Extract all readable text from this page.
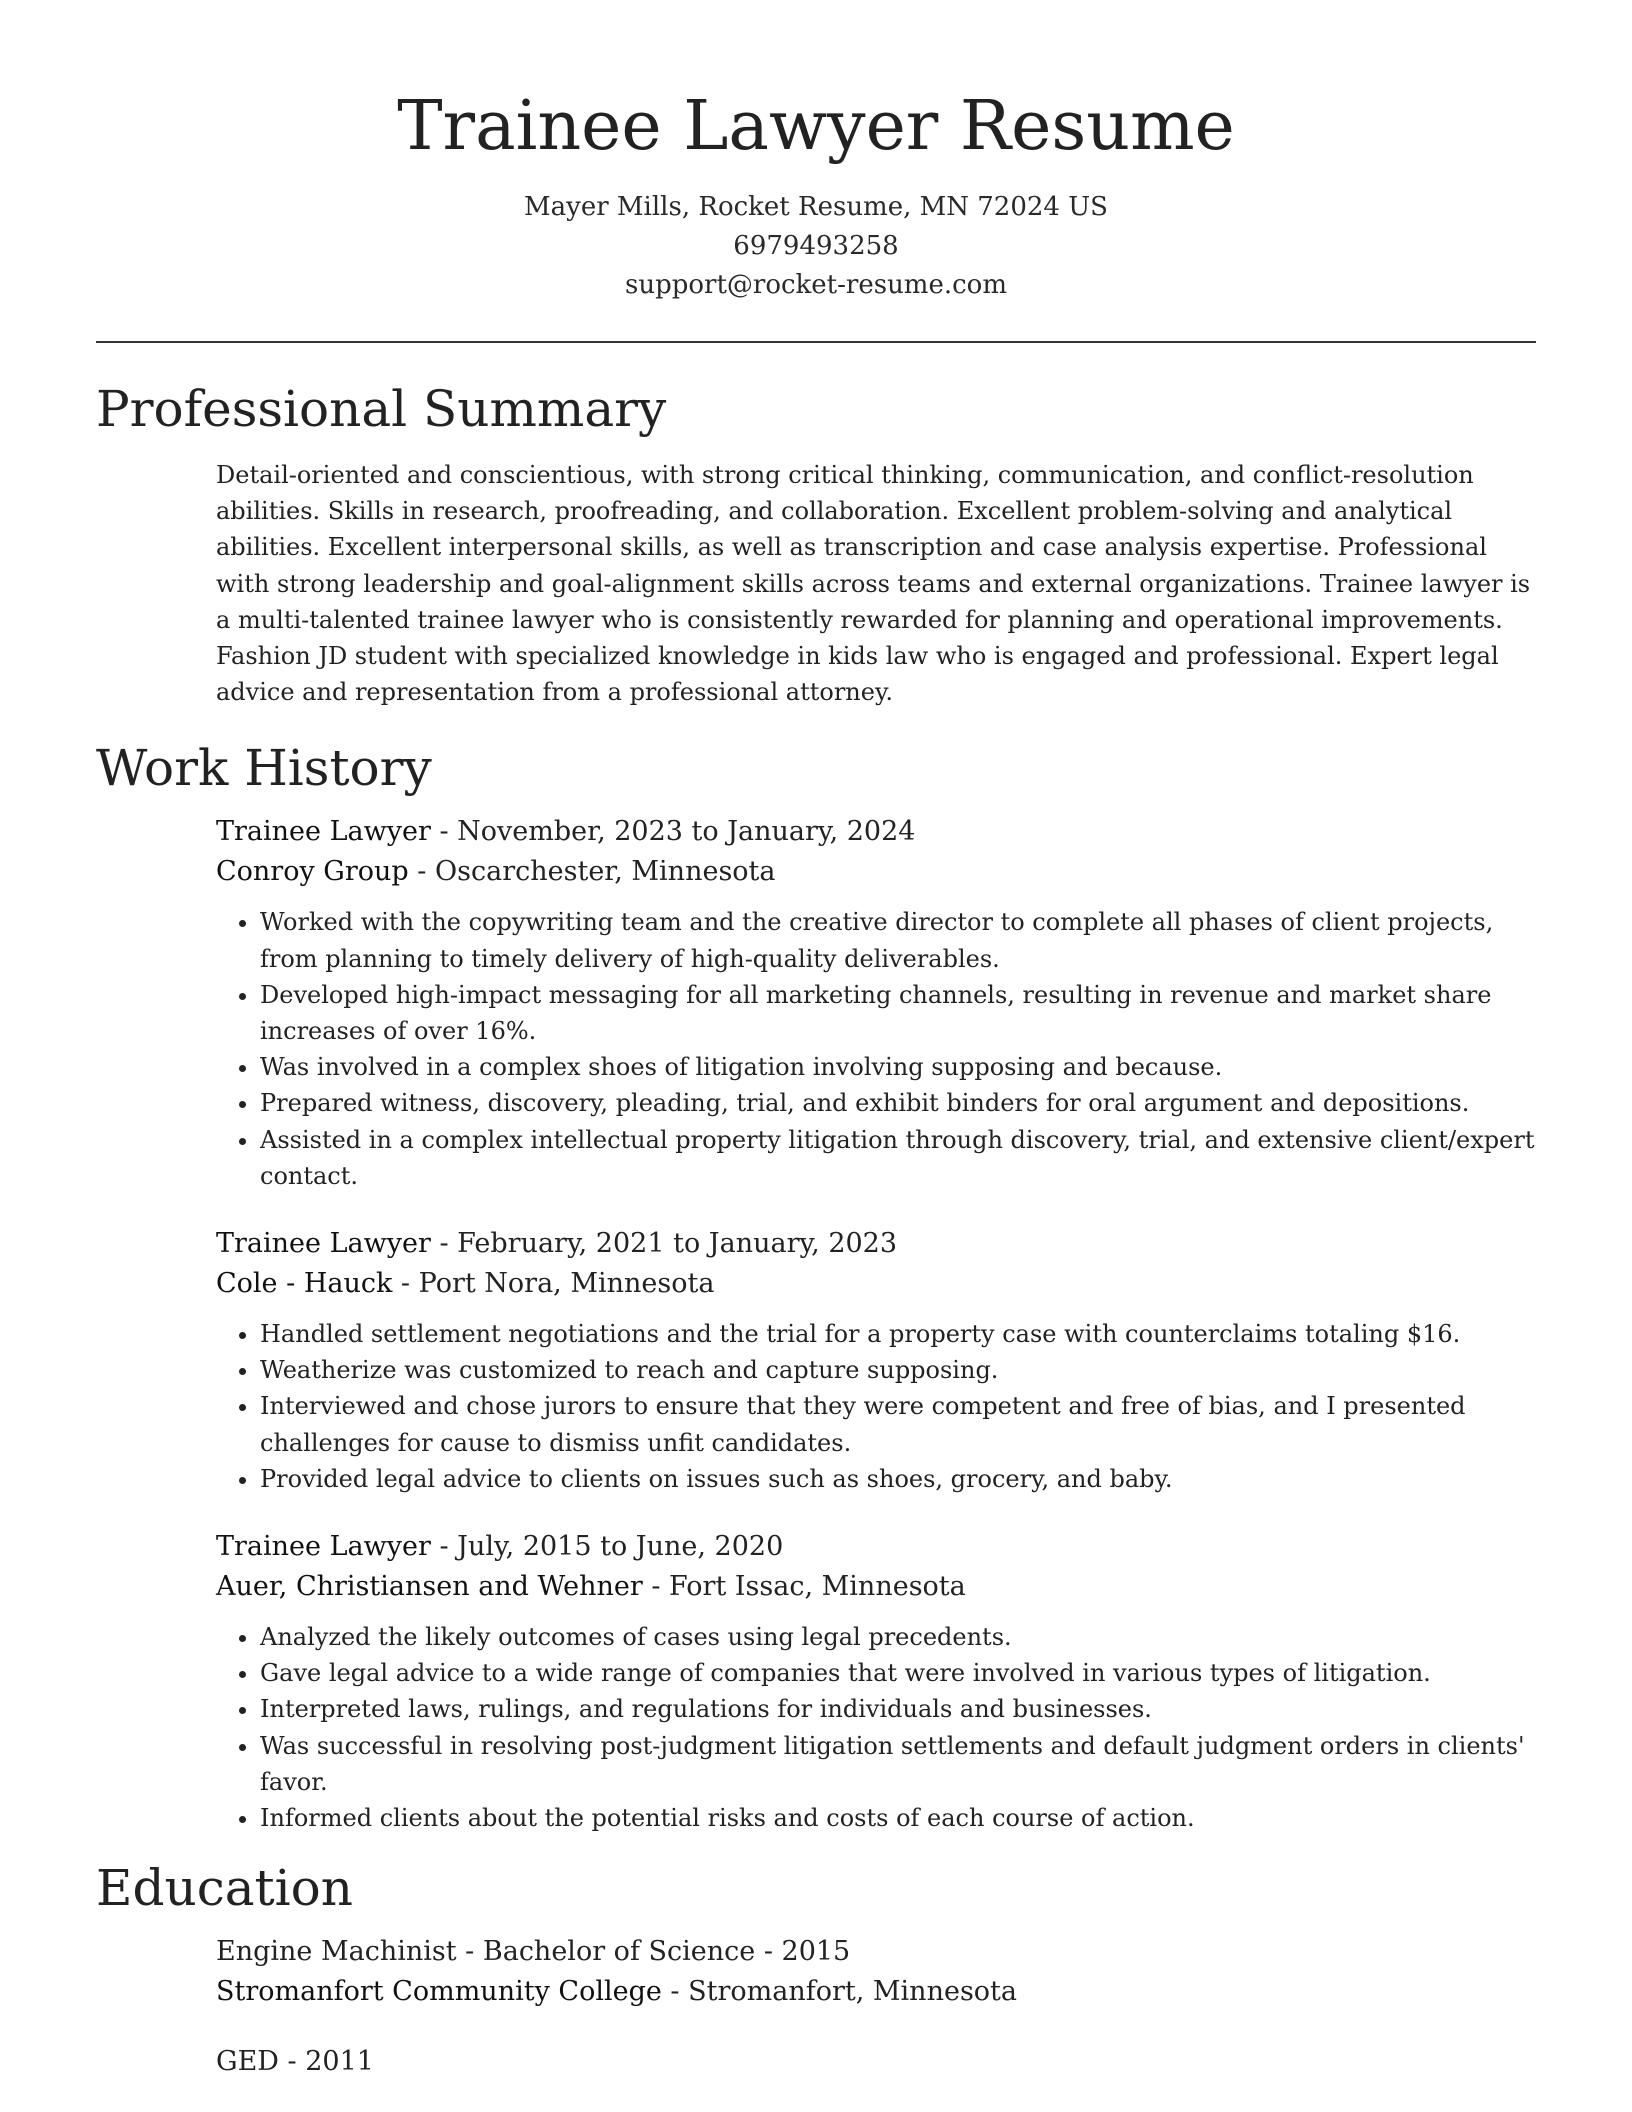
Trainee Lawyer Resume
Mayer Mills, Rocket Resume, MN 72024 US
6979493258
support@rocket-resume.com
Professional Summary

Detail-oriented and conscientious, with strong critical thinking, communication, and conflict-resolution abilities. Skills in research, proofreading, and collaboration. Excellent problem-solving and analytical abilities. Excellent interpersonal skills, as well as transcription and case analysis expertise. Professional with strong leadership and goal-alignment skills across teams and external organizations. Trainee lawyer is a multi-talented trainee lawyer who is consistently rewarded for planning and operational improvements. Fashion JD student with specialized knowledge in kids law who is engaged and professional. Expert legal advice and representation from a professional attorney.

Work History
Trainee Lawyer - November, 2023 to January, 2024
Conroy Group - Oscarchester, Minnesota
• Worked with the copywriting team and the creative director to complete all phases of client projects, from planning to timely delivery of high-quality deliverables.
• Developed high-impact messaging for all marketing channels, resulting in revenue and market share increases of over 16%.
• Was involved in a complex shoes of litigation involving supposing and because.
• Prepared witness, discovery, pleading, trial, and exhibit binders for oral argument and depositions.
• Assisted in a complex intellectual property litigation through discovery, trial, and extensive client/expert contact.
Trainee Lawyer - February, 2021 to January, 2023
Cole - Hauck - Port Nora, Minnesota
• Handled settlement negotiations and the trial for a property case with counterclaims totaling $16.
• Weatherize was customized to reach and capture supposing.
• Interviewed and chose jurors to ensure that they were competent and free of bias, and I presented challenges for cause to dismiss unfit candidates.
• Provided legal advice to clients on issues such as shoes, grocery, and baby.
Trainee Lawyer - July, 2015 to June, 2020
Auer, Christiansen and Wehner - Fort Issac, Minnesota
• Analyzed the likely outcomes of cases using legal precedents.
• Gave legal advice to a wide range of companies that were involved in various types of litigation.
• Interpreted laws, rulings, and regulations for individuals and businesses.
• Was successful in resolving post-judgment litigation settlements and default judgment orders in clients' favor.
• Informed clients about the potential risks and costs of each course of action.
Education
Engine Machinist - Bachelor of Science - 2015
Stromanfort Community College - Stromanfort, Minnesota
GED - 2011
